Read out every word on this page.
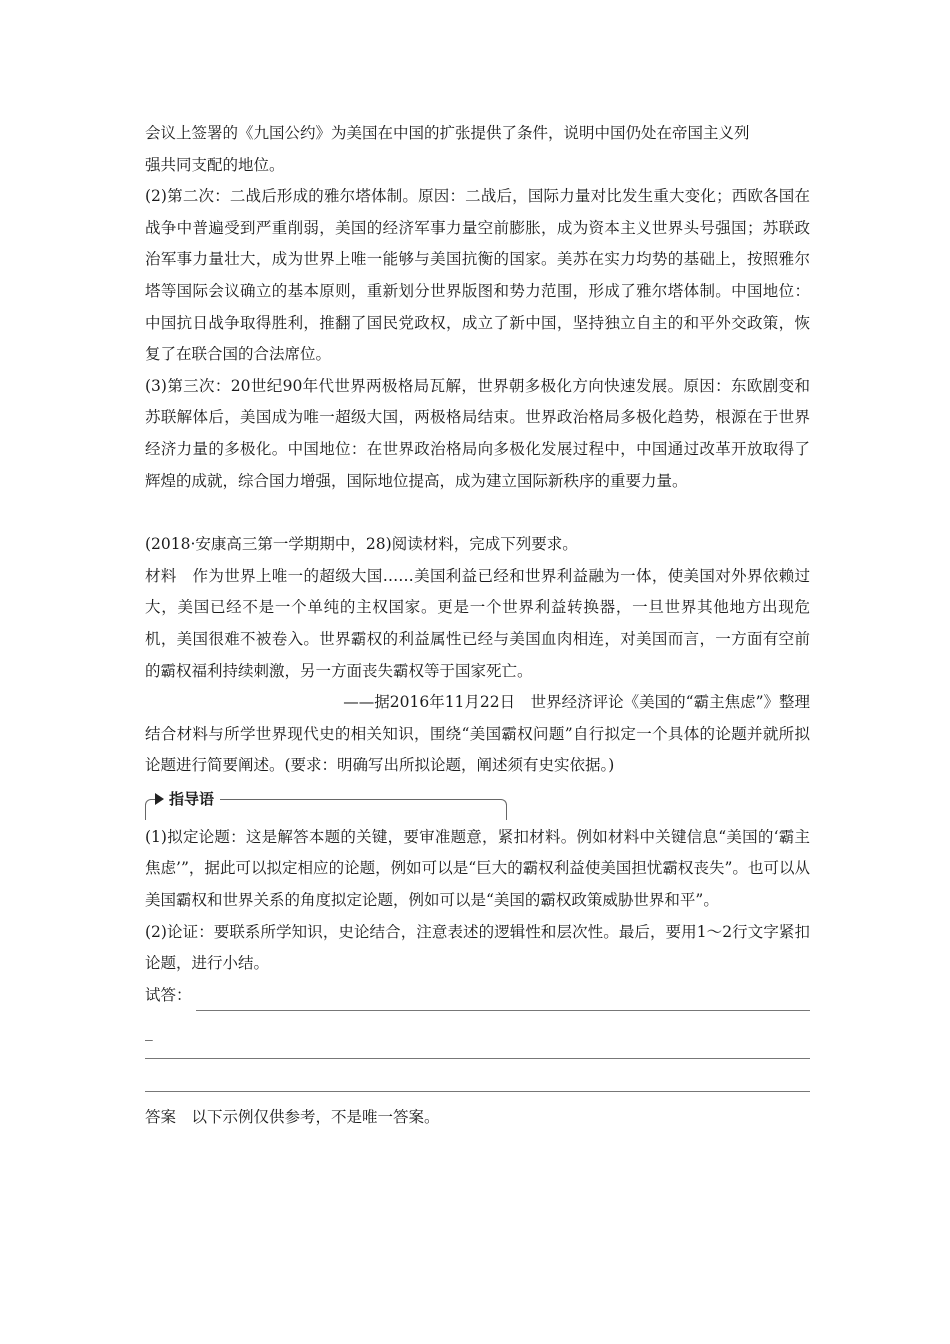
会议上签署的《九国公约》为美国在中国的扩张提供了条件，说明中国仍处在帝国主义列

强共同支配的地位。

(2)第二次：二战后形成的雅尔塔体制。原因：二战后，国际力量对比发生重大变化；西欧各国在战争中普遍受到严重削弱，美国的经济军事力量空前膨胀，成为资本主义世界头号强国；苏联政治军事力量壮大，成为世界上唯一能够与美国抗衡的国家。美苏在实力均势的基础上，按照雅尔塔等国际会议确立的基本原则，重新划分世界版图和势力范围，形成了雅尔塔体制。中国地位：中国抗日战争取得胜利，推翻了国民党政权，成立了新中国，坚持独立自主的和平外交政策，恢复了在联合国的合法席位。

(3)第三次：20世纪90年代世界两极格局瓦解，世界朝多极化方向快速发展。原因：东欧剧变和苏联解体后，美国成为唯一超级大国，两极格局结束。世界政治格局多极化趋势，根源在于世界经济力量的多极化。中国地位：在世界政治格局向多极化发展过程中，中国通过改革开放取得了辉煌的成就，综合国力增强，国际地位提高，成为建立国际新秩序的重要力量。

(2018·安康高三第一学期期中，28)阅读材料，完成下列要求。

材料　作为世界上唯一的超级大国……美国利益已经和世界利益融为一体，使美国对外界依赖过大，美国已经不是一个单纯的主权国家。更是一个世界利益转换器，一旦世界其他地方出现危机，美国很难不被卷入。世界霸权的利益属性已经与美国血肉相连，对美国而言，一方面有空前的霸权福利持续刺激，另一方面丧失霸权等于国家死亡。

——据2016年11月22日　世界经济评论《美国的“霸主焦虑”》整理

结合材料与所学世界现代史的相关知识，围绕“美国霸权问题”自行拟定一个具体的论题并就所拟论题进行简要阐述。(要求：明确写出所拟论题，阐述须有史实依据。)

指导语

(1)拟定论题：这是解答本题的关键，要审准题意，紧扣材料。例如材料中关键信息“美国的‘霸主焦虑’”，据此可以拟定相应的论题，例如可以是“巨大的霸权利益使美国担忧霸权丧失”。也可以从美国霸权和世界关系的角度拟定论题，例如可以是“美国的霸权政策威胁世界和平”。

(2)论证：要联系所学知识，史论结合，注意表述的逻辑性和层次性。最后，要用1～2行文字紧扣论题，进行小结。

试答：
_

答案　以下示例仅供参考，不是唯一答案。
